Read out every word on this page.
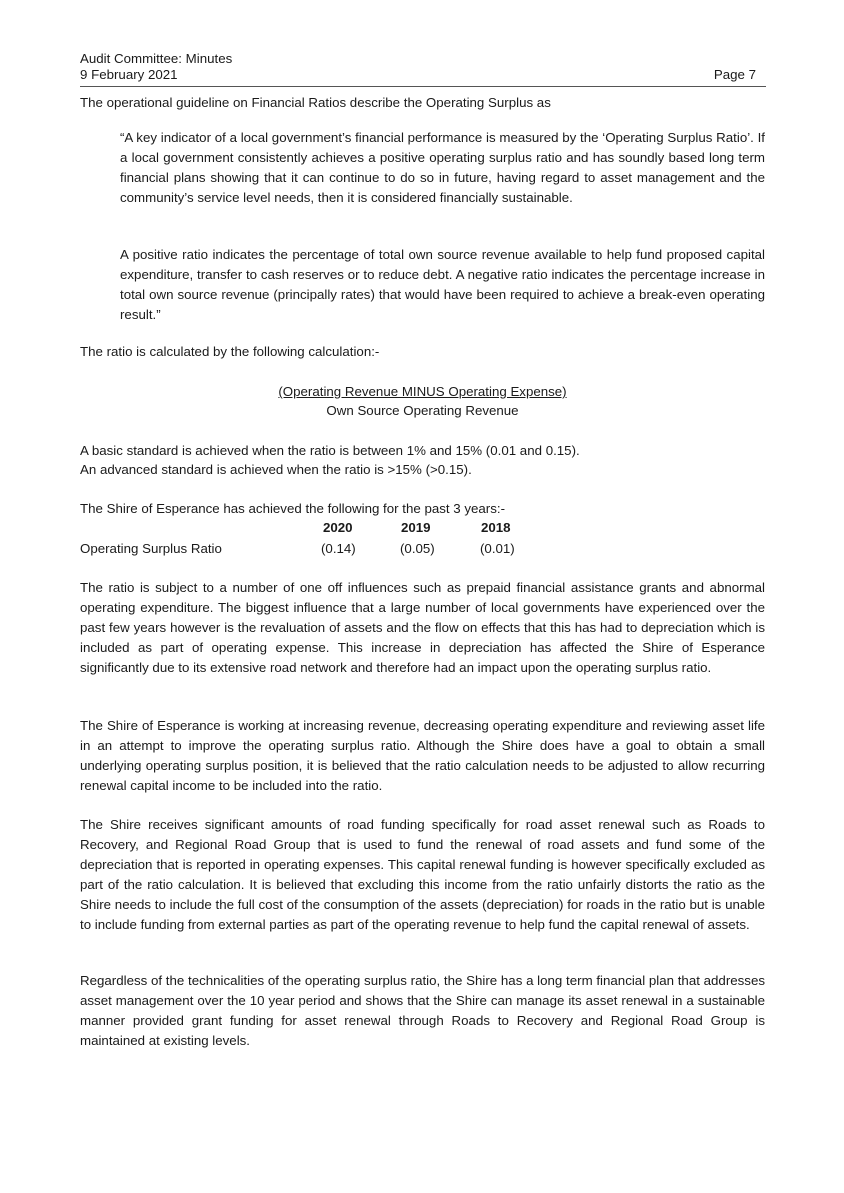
Audit Committee: Minutes
9 February 2021	Page 7

The operational guideline on Financial Ratios describe the Operating Surplus as

“A key indicator of a local government’s financial performance is measured by the ‘Operating Surplus Ratio’. If a local government consistently achieves a positive operating surplus ratio and has soundly based long term financial plans showing that it can continue to do so in future, having regard to asset management and the community’s service level needs, then it is considered financially sustainable.

A positive ratio indicates the percentage of total own source revenue available to help fund proposed capital expenditure, transfer to cash reserves or to reduce debt. A negative ratio indicates the percentage increase in total own source revenue (principally rates) that would have been required to achieve a break-even operating result.”

The ratio is calculated by the following calculation:-

(Operating Revenue MINUS Operating Expense)
Own Source Operating Revenue

A basic standard is achieved when the ratio is between 1% and 15% (0.01 and 0.15).

An advanced standard is achieved when the ratio is >15% (>0.15).

The Shire of Esperance has achieved the following for the past 3 years:-

2020	2019	2018
Operating Surplus Ratio	(0.14)	(0.05)	(0.01)

The ratio is subject to a number of one off influences such as prepaid financial assistance grants and abnormal operating expenditure. The biggest influence that a large number of local governments have experienced over the past few years however is the revaluation of assets and the flow on effects that this has had to depreciation which is included as part of operating expense. This increase in depreciation has affected the Shire of Esperance significantly due to its extensive road network and therefore had an impact upon the operating surplus ratio.

The Shire of Esperance is working at increasing revenue, decreasing operating expenditure and reviewing asset life in an attempt to improve the operating surplus ratio. Although the Shire does have a goal to obtain a small underlying operating surplus position, it is believed that the ratio calculation needs to be adjusted to allow recurring renewal capital income to be included into the ratio.

The Shire receives significant amounts of road funding specifically for road asset renewal such as Roads to Recovery, and Regional Road Group that is used to fund the renewal of road assets and fund some of the depreciation that is reported in operating expenses. This capital renewal funding is however specifically excluded as part of the ratio calculation. It is believed that excluding this income from the ratio unfairly distorts the ratio as the Shire needs to include the full cost of the consumption of the assets (depreciation) for roads in the ratio but is unable to include funding from external parties as part of the operating revenue to help fund the capital renewal of assets.

Regardless of the technicalities of the operating surplus ratio, the Shire has a long term financial plan that addresses asset management over the 10 year period and shows that the Shire can manage its asset renewal in a sustainable manner provided grant funding for asset renewal through Roads to Recovery and Regional Road Group is maintained at existing levels.
